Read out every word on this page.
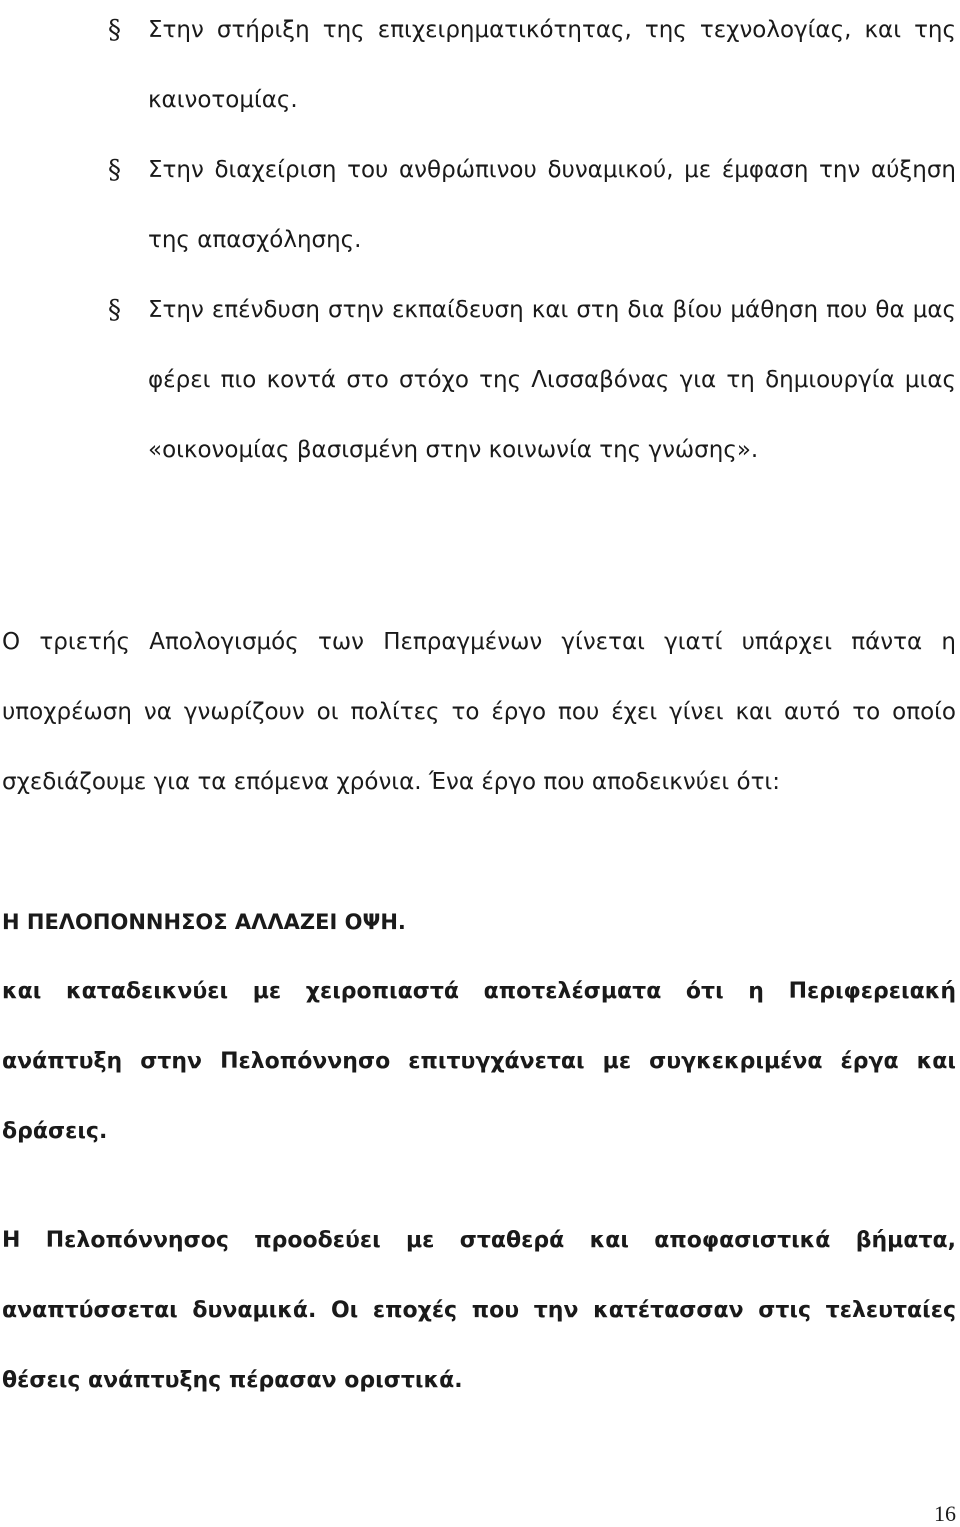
§	Στην στήριξη της επιχειρηματικότητας, της τεχνολογίας, και της καινοτομίας.
§	Στην διαχείριση του ανθρώπινου δυναμικού, με έμφαση την αύξηση της απασχόλησης.
§	Στην επένδυση στην εκπαίδευση και στη δια βίου μάθηση που θα μας φέρει πιο κοντά στο στόχο της Λισσαβόνας για τη δημιουργία μιας «οικονομίας βασισμένη στην κοινωνία της γνώσης».

Ο τριετής Απολογισμός των Πεπραγμένων γίνεται γιατί υπάρχει πάντα η υποχρέωση να γνωρίζουν οι πολίτες το έργο που έχει γίνει και αυτό το οποίο σχεδιάζουμε για τα επόμενα χρόνια. Ένα έργο που αποδεικνύει ότι:

Η ΠΕΛΟΠΟΝΝΗΣΟΣ ΑΛΛΑΖΕΙ ΟΨΗ.

και καταδεικνύει με χειροπιαστά αποτελέσματα ότι η Περιφερειακή ανάπτυξη στην Πελοπόννησο επιτυγχάνεται με συγκεκριμένα έργα και δράσεις.

Η Πελοπόννησος προοδεύει με σταθερά και αποφασιστικά βήματα, αναπτύσσεται δυναμικά. Οι εποχές που την κατέτασσαν στις τελευταίες θέσεις ανάπτυξης πέρασαν οριστικά.

16
